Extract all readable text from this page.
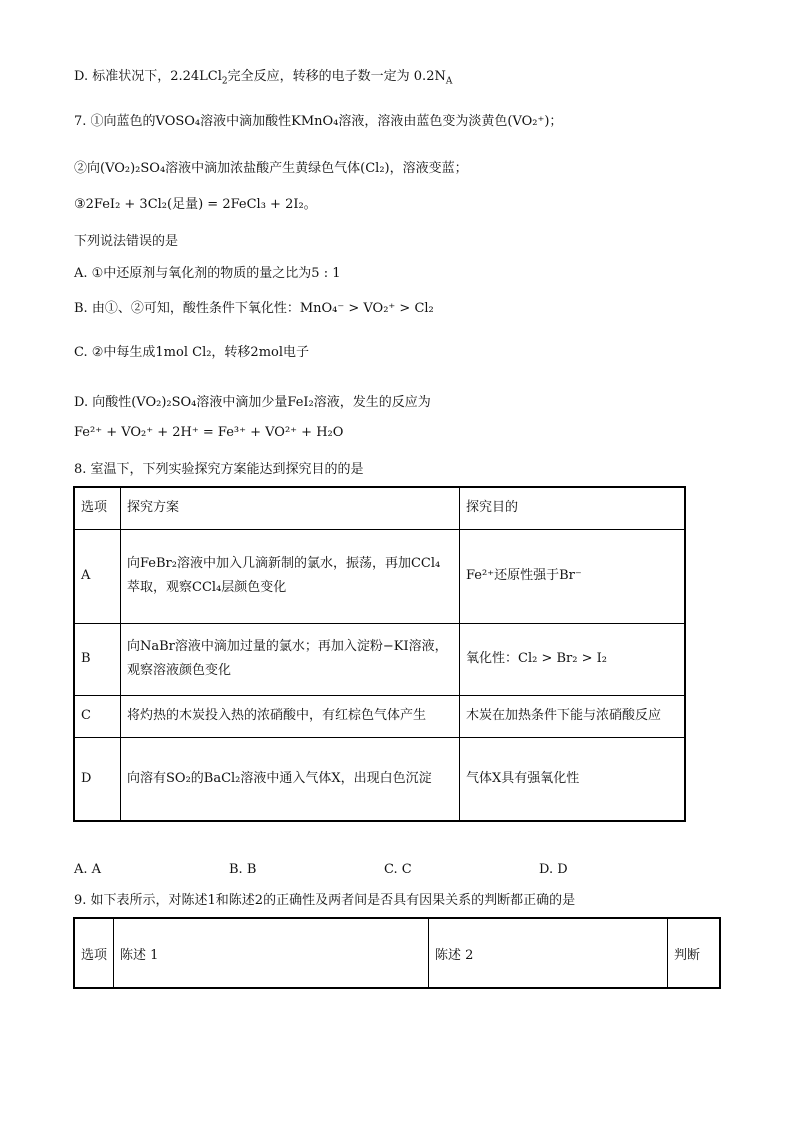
D. 标准状况下，2.24LCl$_2$完全反应，转移的电子数一定为 $0.2N_A$
7. ①向蓝色的VOSO₄溶液中滴加酸性KMnO₄溶液，溶液由蓝色变为淡黄色(VO₂⁺)；
②向(VO₂)₂SO₄溶液中滴加浓盐酸产生黄绿色气体(Cl₂)，溶液变蓝；
③2FeI₂ + 3Cl₂(足量) = 2FeCl₃ + 2I₂。
下列说法错误的是
A. ①中还原剂与氧化剂的物质的量之比为5 : 1
B. 由①、②可知，酸性条件下氧化性：MnO₄⁻ > VO₂⁺ > Cl₂
C. ②中每生成1mol Cl₂，转移2mol电子
D. 向酸性(VO₂)₂SO₄溶液中滴加少量FeI₂溶液，发生的反应为
Fe²⁺ + VO₂⁺ + 2H⁺ = Fe³⁺ + VO²⁺ + H₂O
8. 室温下，下列实验探究方案能达到探究目的的是
选项	探究方案	探究目的
A	向FeBr₂溶液中加入几滴新制的氯水，振荡，再加CCl₄萃取，观察CCl₄层颜色变化	Fe²⁺还原性强于Br⁻
B	向NaBr溶液中滴加过量的氯水；再加入淀粉−KI溶液，观察溶液颜色变化	氧化性：Cl₂ > Br₂ > I₂
C	将灼热的木炭投入热的浓硝酸中，有红棕色气体产生	木炭在加热条件下能与浓硝酸反应
D	向溶有SO₂的BaCl₂溶液中通入气体X，出现白色沉淀	气体X具有强氧化性
A. A	B. B	C. C	D. D
9. 如下表所示，对陈述1和陈述2的正确性及两者间是否具有因果关系的判断都正确的是
选项	陈述 1	陈述 2	判断
